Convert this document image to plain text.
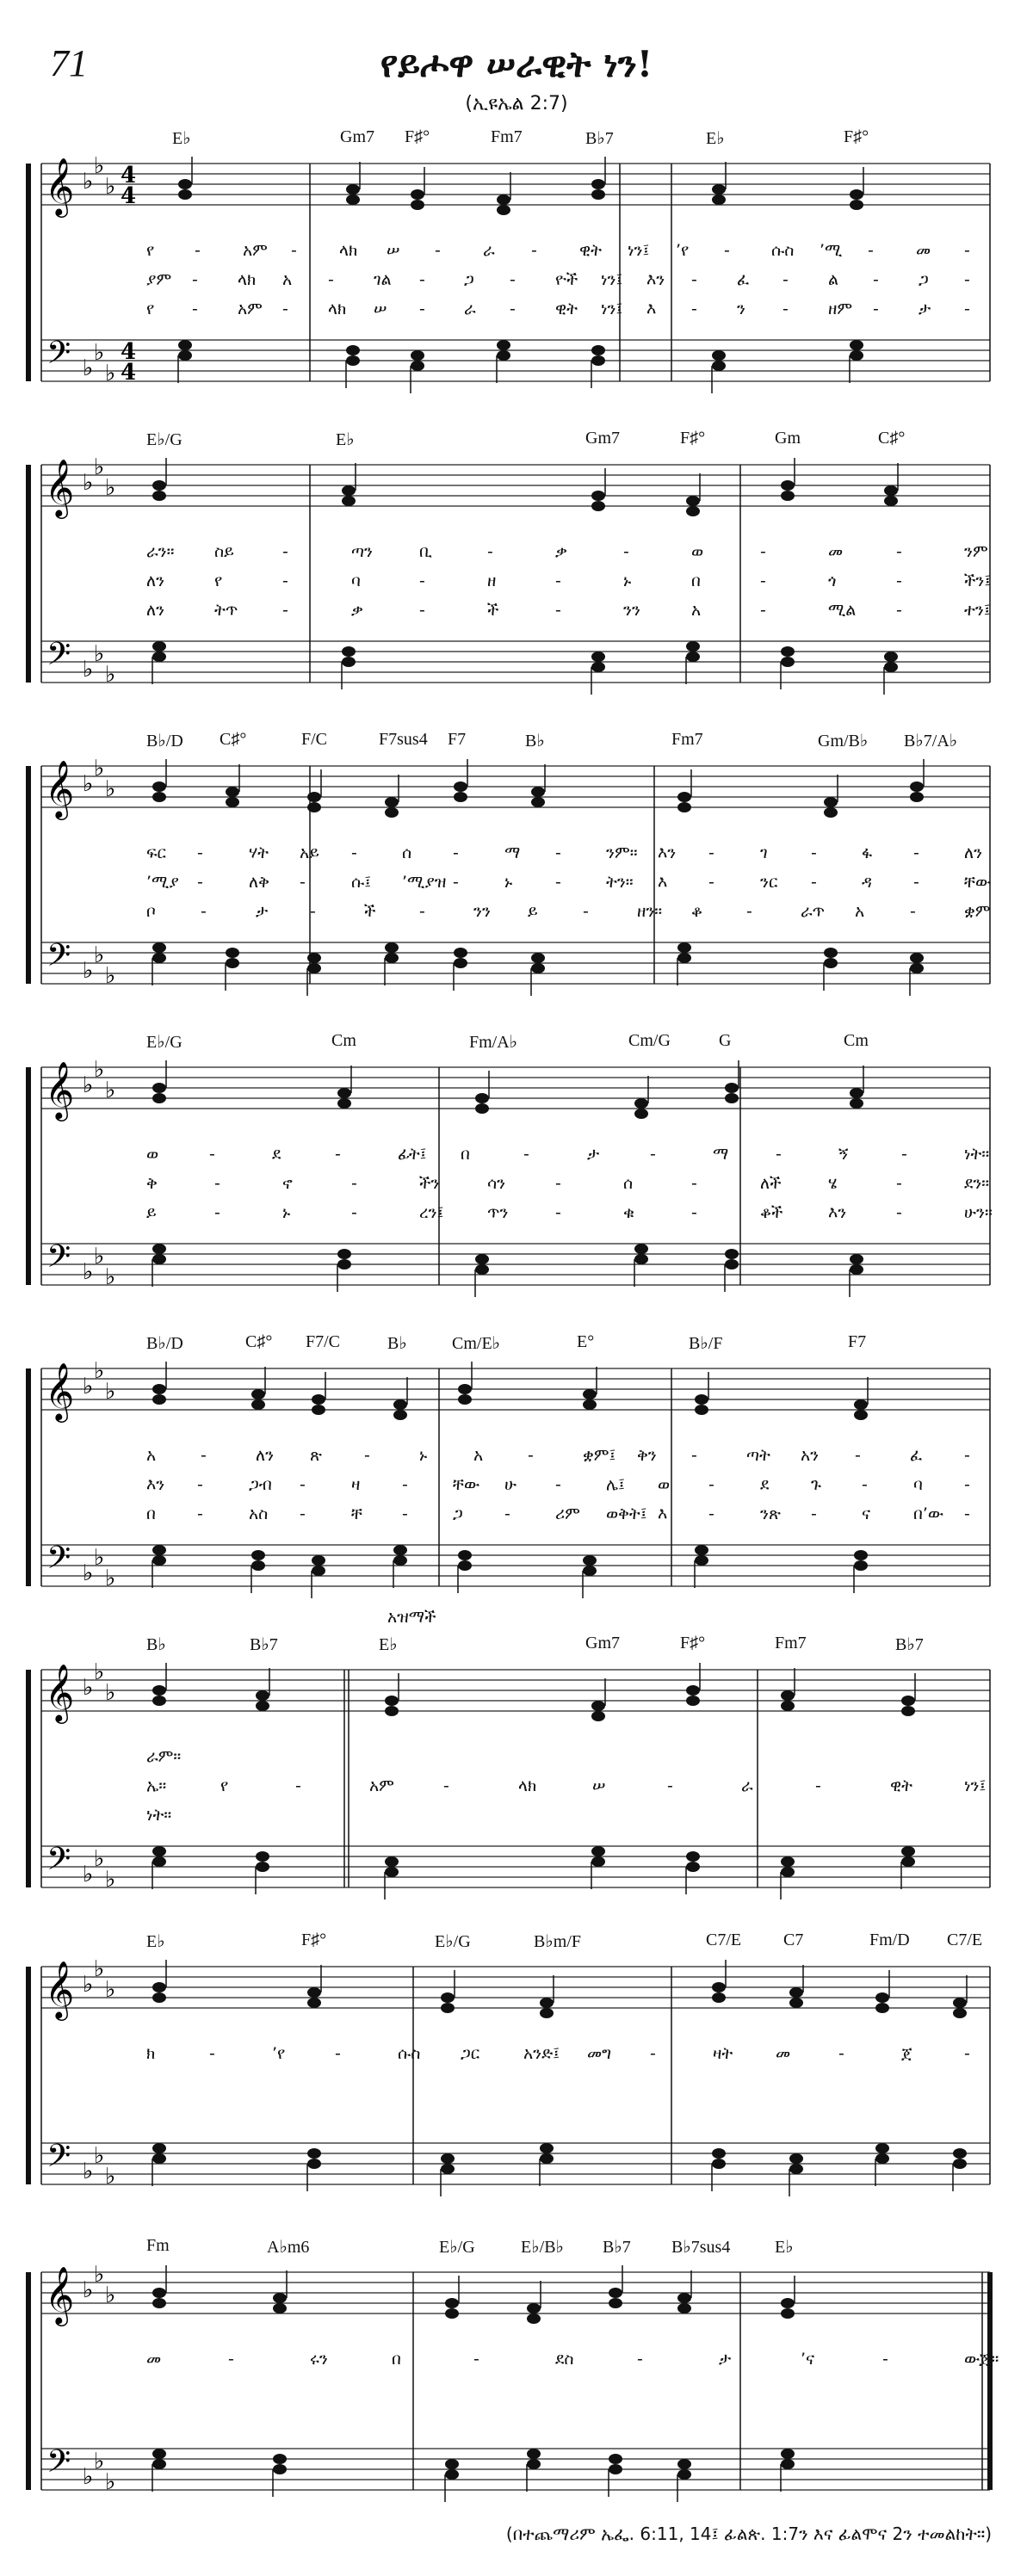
71	የይሖዋ ሠራዊት ነን!
(ኢዩኤል 2:7)
𝄞
𝄢
♭
♭
♭
♭
♭
♭
4
4
4
4
E♭	Gm7 F♯°	Fm7	B♭7	E♭	F♯°
የ -	አም -	ላክ ሠ -	ራ -	ዊት ነን፤ ’የ -	ሱስ ’ሚ -	መ -
ያም - ላክ አ - ገል - ጋ - ዮች ነን፤ እን - ፈ - ል - ጋ -
የ - አም - ላክ ሠ - ራ - ዊት ነን፤ እ - ን - ዘም - ታ -
𝄞
𝄢
♭
♭
♭
♭
♭
♭
E♭/G	E♭	Gm7	F♯°	Gm	C♯°
ራን። ስይ	-	ጣን	ቢ	-	ቃ	-	ወ	-	መ	-	ንም
ለን	የ	-	ባ	-	ዘ	-	ኑ	በ	-	ጎ	-	ችን፤
ለን	ትጥ	-	ቃ	-	ች	-	ንን	አ	-	ሚል -	ተን፤
𝄞
𝄢
♭
♭
♭
♭
♭
♭
B♭/D C♯°	F/C	F7sus4 F7	B♭	Fm7	Gm/B♭ B♭7/A♭
ፍር -	ሃት አይ -	ሰ	-	ማ -	ንም። እን -	ገ	-	ፋ	-	ለን
’ሚያ -	ለቅ -	ሱ፤ ’ሚያዝ -	ኑ	-	ትን። እ	-	ንር -	ዳ	-	ቸው
ቦ	-	ታ	-	ች	-	ንን ይ	-	ዘን። ቆ	-	ራጥ አ	-	ቋም
𝄞
𝄢
♭
♭
♭
♭
♭
♭
E♭/G	Cm	Fm/A♭	Cm/G	G	Cm
ወ	-	ደ	-	ፊት፤ በ	-	ታ	-	ማ	-	ኝ	-	ነት።
ቅ	-	ኖ	-	ችን	ሳን	-	ሰ	-	ለች	ሄ	-	ደን።
ይ	-	ኑ	-	ረን፤	ጥን	-	ቁ	-	ቆች	እን	-	ሁን።
𝄞
𝄢
♭
♭
♭
♭
♭
♭
B♭/D	C♯° F7/C	B♭	Cm/E♭	E°	B♭/F	F7
አ	-	ለን ጽ	-	ኑ	አ	-	ቋም፤ ቅን -	ጣት አን -	ፈ	-
እን -	ጋብ -	ዛ	-	ቸው ሁ -	ሌ፤ ወ -	ደ	ጉ -	ባ	-
በ	-	አስ -	ቸ -	ጋ	-	ሪም ወቅት፤ እ	-	ንጽ -	ና	በ’ው -
𝄞
𝄢
♭
♭
♭
♭
♭
♭
B♭	B♭7	E♭	Gm7	F♯°	Fm7	B♭7
አዝማች
ራም።
ኤ።	የ	-	አም	-	ላክ	ሠ	-	ራ	-	ዊት	ነን፤
ነት።
𝄞
𝄢
♭
♭
♭
♭
♭
♭
E♭	F♯°	E♭/G	B♭m/F	C7/E C7	Fm/D C7/E
ክ	-	’የ	-	ሱስ ጋር	አንድ፤ መግ -	ዛት	መ	-	ጀ	-
𝄞
𝄢
♭
♭
♭
♭
♭
♭
Fm	A♭m6	E♭/G	E♭/B♭ B♭7 B♭7sus4	E♭
መ	-	ሩን	በ	-	ደስ	-	ታ	’ና	-	ውጅ።
(በተጨማሪም ኤፌ. 6:11, 14፤ ፊልጵ. 1:7ን እና ፊልሞና 2ን ተመልከት።)
